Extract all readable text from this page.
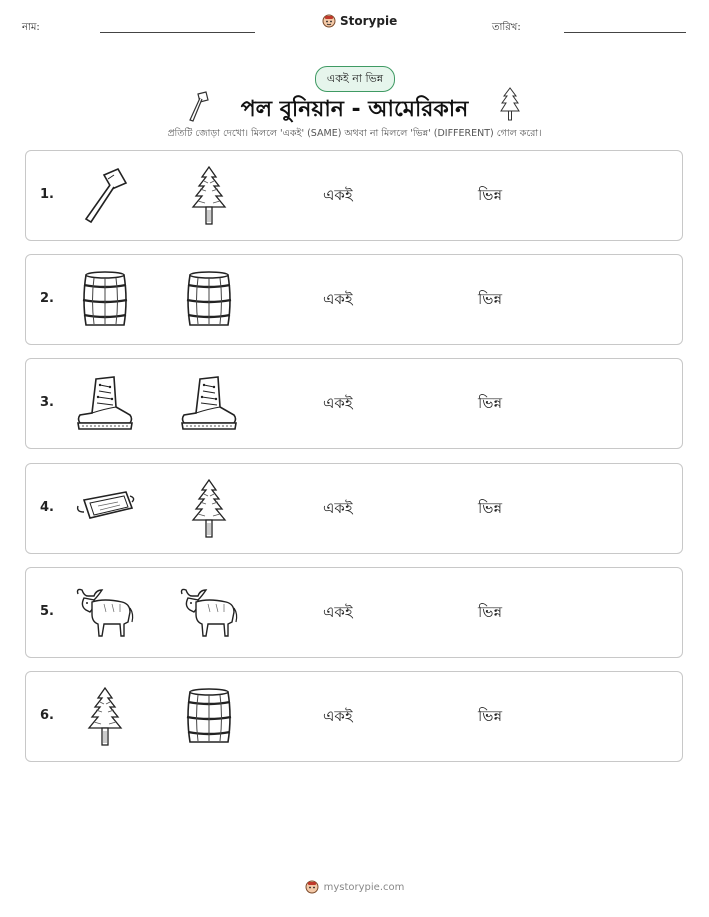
নাম:	Storypie	তারিখ:
একই না ভিন্ন
পল বুনিয়ান - আমেরিকান
প্রতিটি জোড়া দেখো। মিললে 'একই' (SAME) অথবা না মিললে 'ভিন্ন' (DIFFERENT) গোল করো।
1.	একই	ভিন্ন
2.	একই	ভিন্ন
3.	একই	ভিন্ন
4.	একই	ভিন্ন
5.	একই	ভিন্ন
6.	একই	ভিন্ন
mystorypie.com
